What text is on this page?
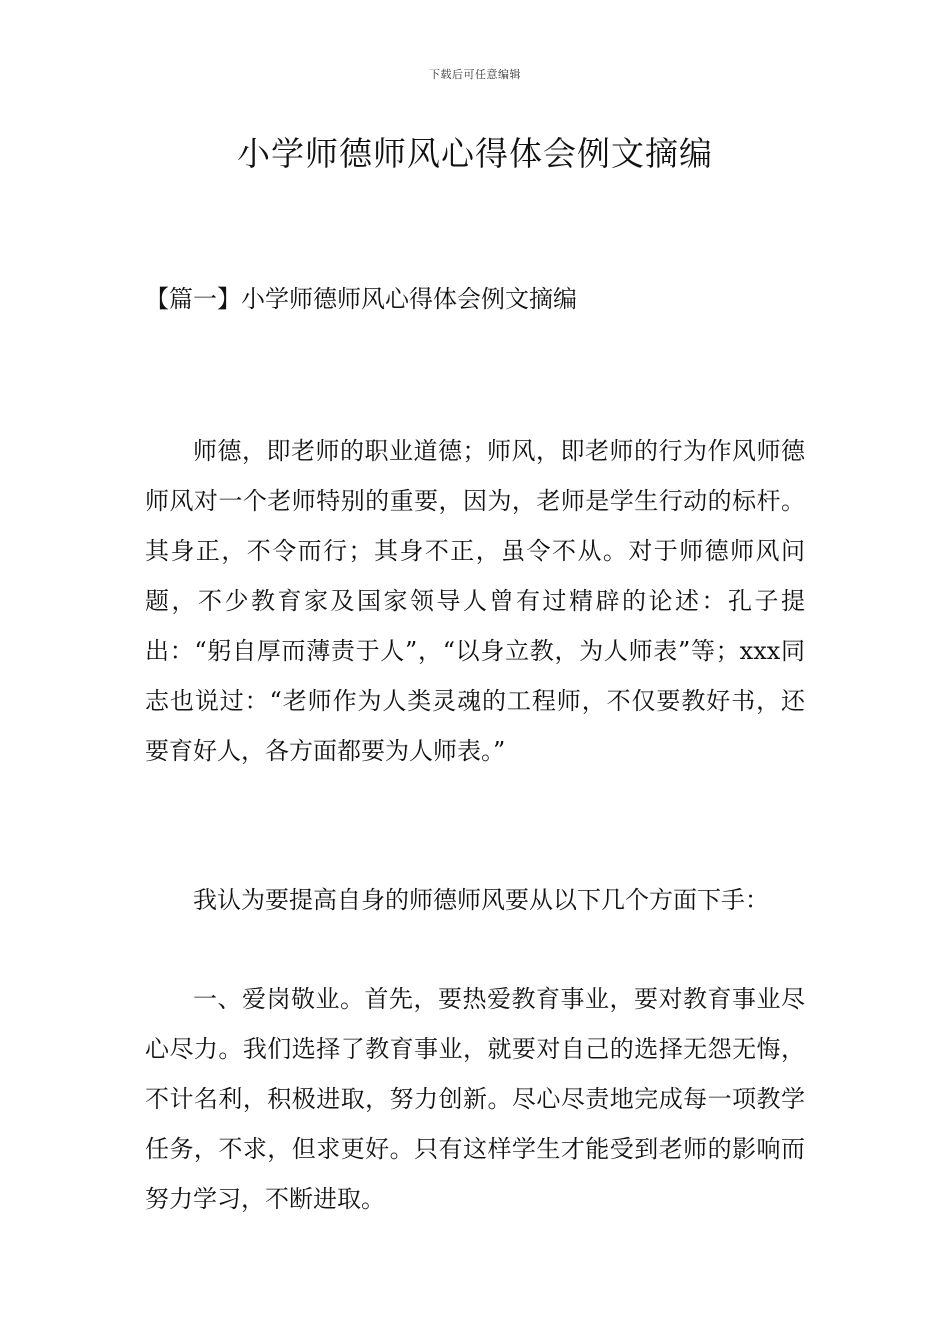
下载后可任意编辑
小学师德师风心得体会例文摘编
【篇一】小学师德师风心得体会例文摘编

师德，即老师的职业道德；师风，即老师的行为作风师德师风对一个老师特别的重要，因为，老师是学生行动的标杆。其身正，不令而行；其身不正，虽令不从。对于师德师风问题，不少教育家及国家领导人曾有过精辟的论述：孔子提出：“躬自厚而薄责于人”，“以身立教，为人师表”等；xxx同志也说过：“老师作为人类灵魂的工程师，不仅要教好书，还要育好人，各方面都要为人师表。”

我认为要提高自身的师德师风要从以下几个方面下手：

一、爱岗敬业。首先，要热爱教育事业，要对教育事业尽心尽力。我们选择了教育事业，就要对自己的选择无怨无悔，不计名利，积极进取，努力创新。尽心尽责地完成每一项教学任务，不求，但求更好。只有这样学生才能受到老师的影响而努力学习，不断进取。
